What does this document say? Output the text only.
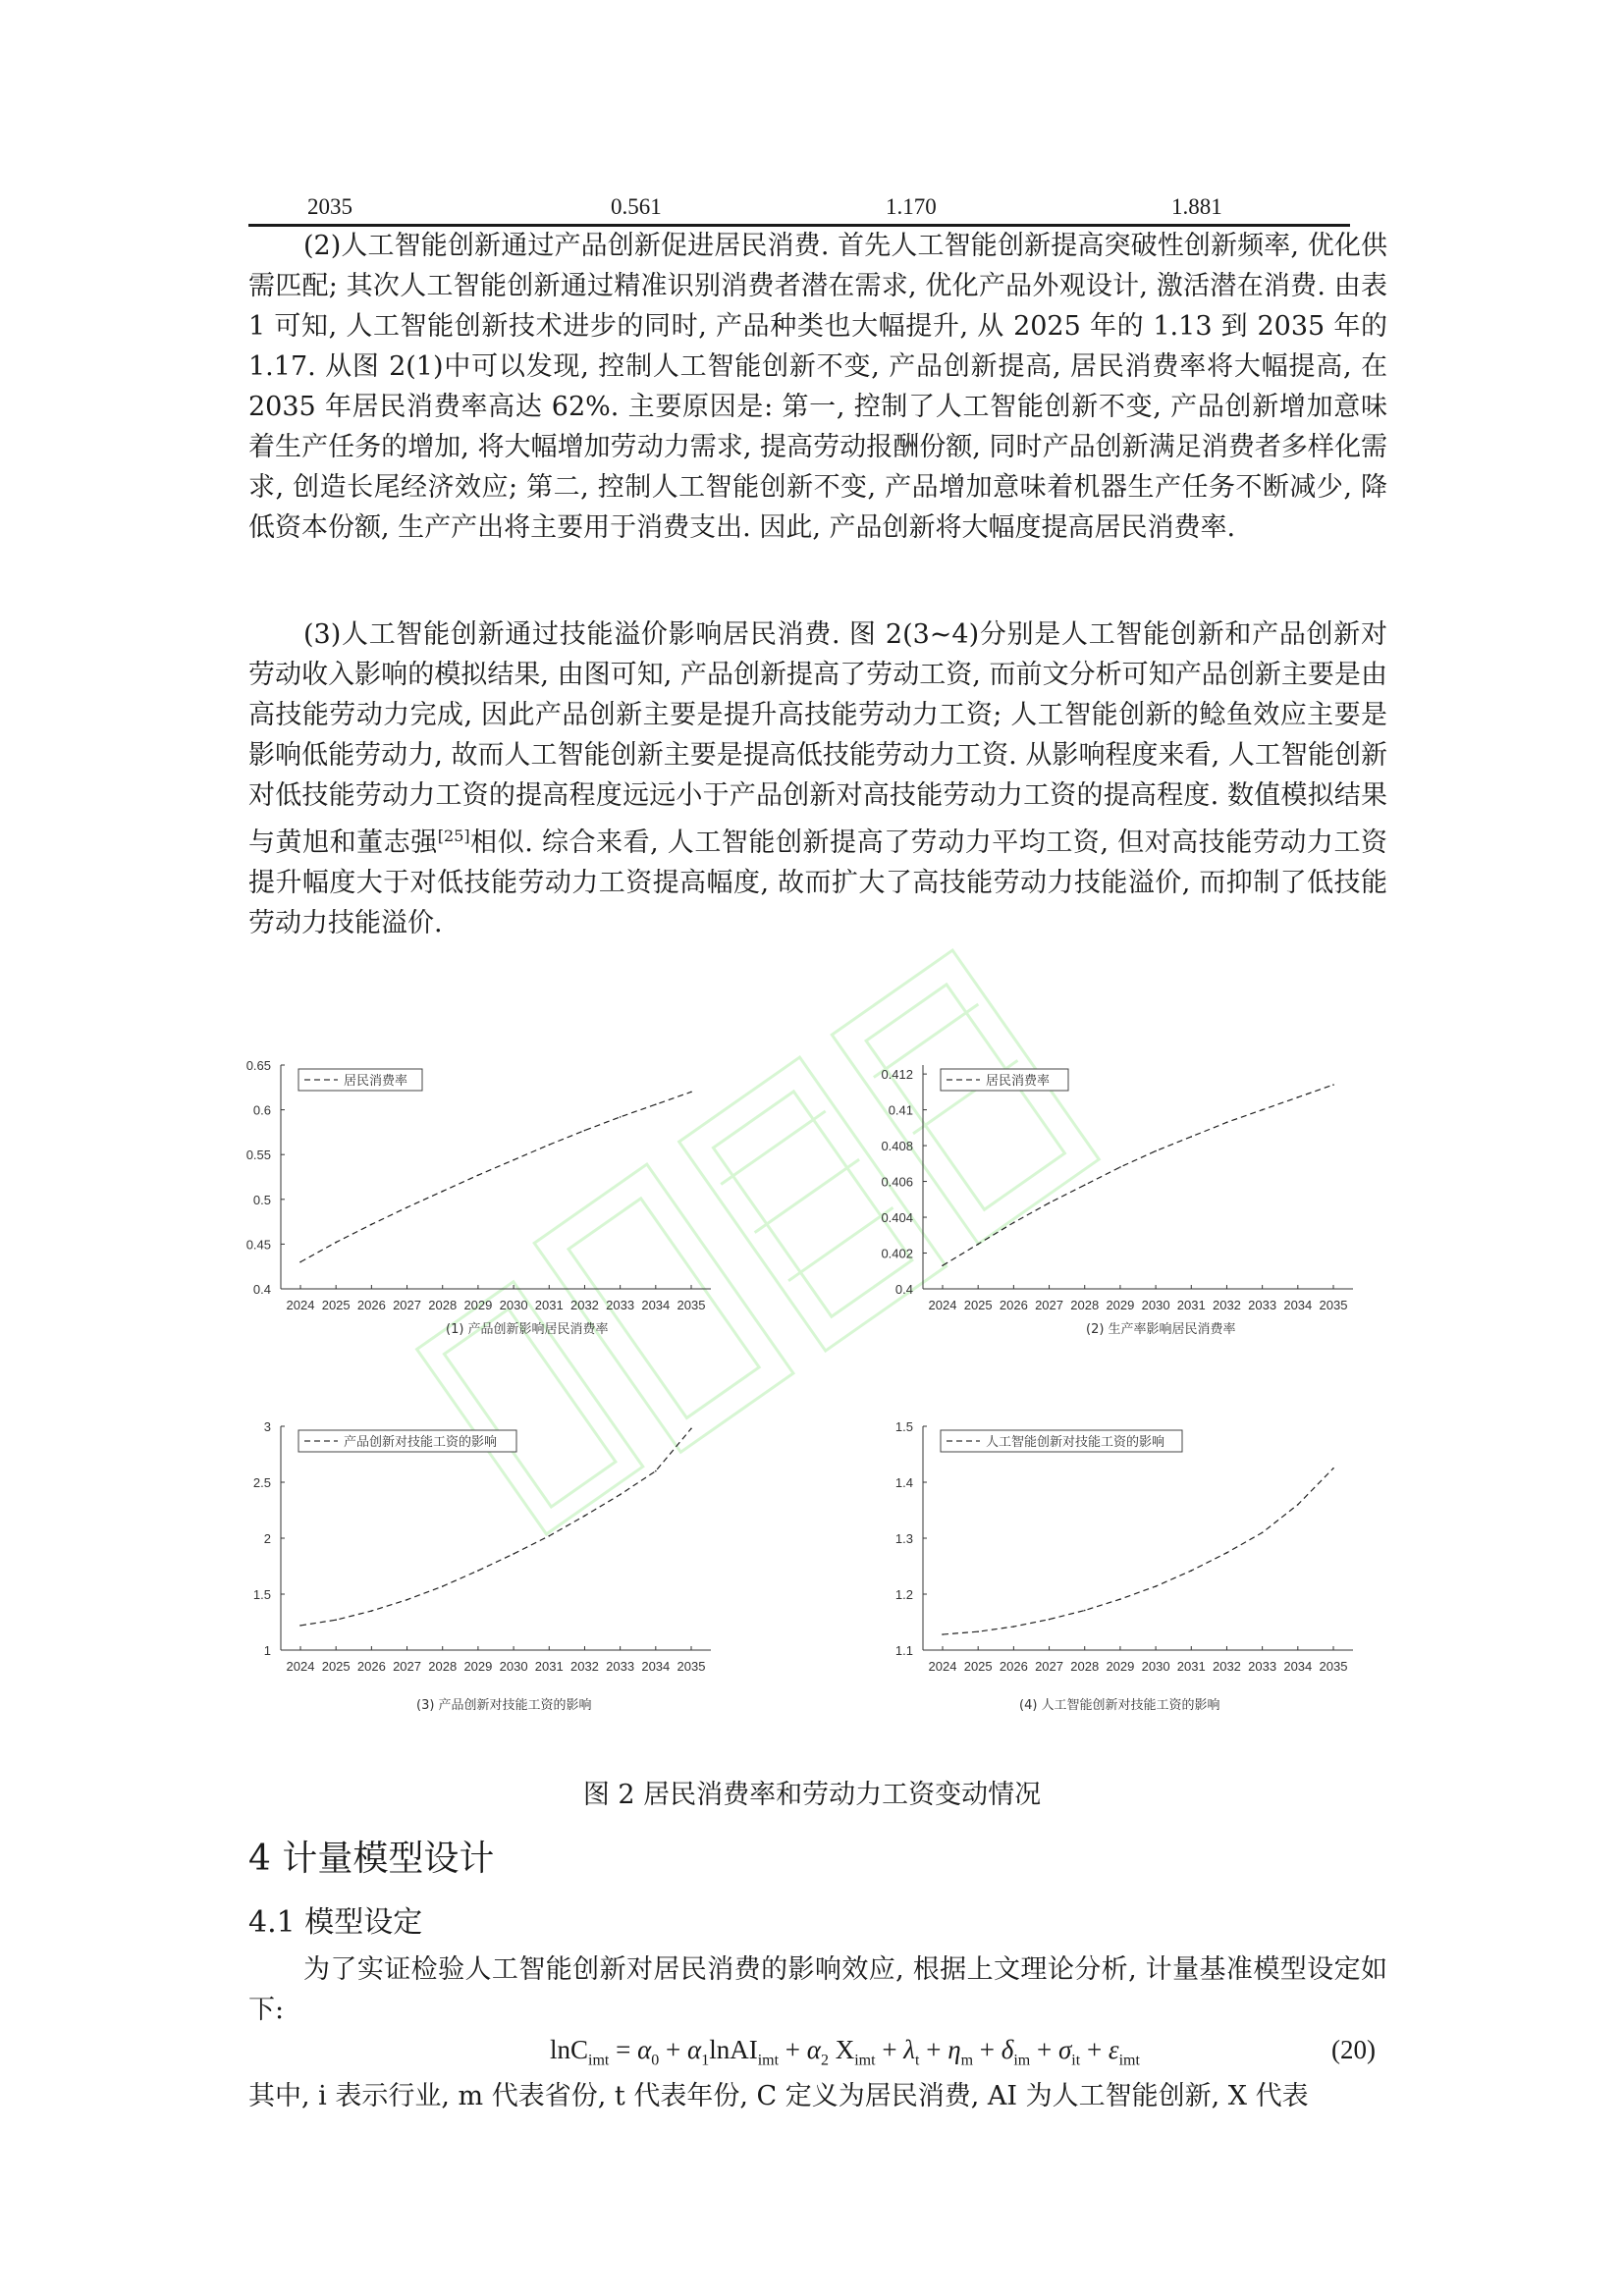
2035	0.561	1.170	1.881

(2)人工智能创新通过产品创新促进居民消费. 首先人工智能创新提高突破性创新频率, 优化供需匹配; 其次人工智能创新通过精准识别消费者潜在需求, 优化产品外观设计, 激活潜在消费. 由表 1 可知, 人工智能创新技术进步的同时, 产品种类也大幅提升, 从 2025 年的 1.13 到 2035 年的 1.17. 从图 2(1)中可以发现, 控制人工智能创新不变, 产品创新提高, 居民消费率将大幅提高, 在 2035 年居民消费率高达 62%. 主要原因是: 第一, 控制了人工智能创新不变, 产品创新增加意味着生产任务的增加, 将大幅增加劳动力需求, 提高劳动报酬份额, 同时产品创新满足消费者多样化需求, 创造长尾经济效应; 第二, 控制人工智能创新不变, 产品增加意味着机器生产任务不断减少, 降低资本份额, 生产产出将主要用于消费支出. 因此, 产品创新将大幅度提高居民消费率.

(3)人工智能创新通过技能溢价影响居民消费. 图 2(3~4)分别是人工智能创新和产品创新对劳动收入影响的模拟结果, 由图可知, 产品创新提高了劳动工资, 而前文分析可知产品创新主要是由高技能劳动力完成, 因此产品创新主要是提升高技能劳动力工资; 人工智能创新的鲶鱼效应主要是影响低能劳动力, 故而人工智能创新主要是提高低技能劳动力工资. 从影响程度来看, 人工智能创新对低技能劳动力工资的提高程度远远小于产品创新对高技能劳动力工资的提高程度. 数值模拟结果与黄旭和董志强[25]相似. 综合来看, 人工智能创新提高了劳动力平均工资, 但对高技能劳动力工资提升幅度大于对低技能劳动力工资提高幅度, 故而扩大了高技能劳动力技能溢价, 而抑制了低技能劳动力技能溢价.

0.4
0.45
0.5
0.55
0.6
0.65
2024 2025 2026 2027 2028 2029 2030 2031 2032 2033 2034 2035
居民消费率
0.4
0.402
0.404
0.406
0.408
0.41
0.412
2024 2025 2026 2027 2028 2029 2030 2031 2032 2033 2034 2035
居民消费率
1
1.5
2
2.5
3
2024 2025 2026 2027 2028 2029 2030 2031 2032 2033 2034 2035
产品创新对技能工资的影响
1.1
1.2
1.3
1.4
1.5
2024 2025 2026 2027 2028 2029 2030 2031 2032 2033 2034 2035
人工智能创新对技能工资的影响
(1) 产品创新影响居民消费率	(2) 生产率影响居民消费率
(3) 产品创新对技能工资的影响	(4) 人工智能创新对技能工资的影响
图 2 居民消费率和劳动力工资变动情况
4 计量模型设计
4.1 模型设定

为了实证检验人工智能创新对居民消费的影响效应, 根据上文理论分析, 计量基准模型设定如下:

$\ln C_{imt} = \alpha_0$ + $\alpha_1lnAI_{imt} + \alpha_2$ $X_{imt} + \lambda_t + \eta_m + \delta_{im} + \sigma_{it} + \varepsilon_{imt}$	(20)

其中, i 表示行业, m 代表省份, t 代表年份, C 定义为居民消费, AI 为人工智能创新, X 代表
